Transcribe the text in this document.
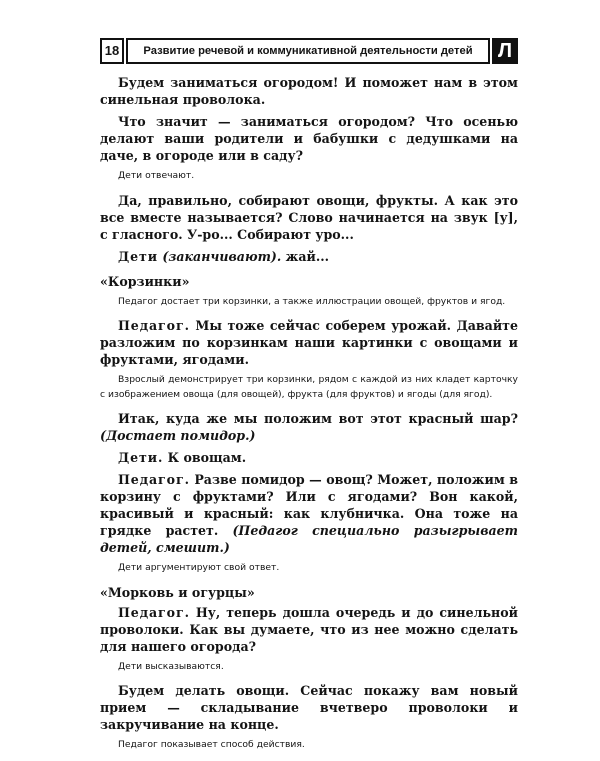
18	Развитие речевой и коммуникативной деятельности детей	Л

Будем заниматься огородом! И поможет нам в этом синельная проволока.

Что значит — заниматься огородом? Что осенью делают ваши родители и бабушки с дедушками на даче, в огороде или в саду?

Дети отвечают.

Да, правильно, собирают овощи, фрукты. А как это все вместе называется? Слово начинается на звук [у], с гласного. У-ро... Собирают уро...

Дети (заканчивают). жай...

«Корзинки»

Педагог достает три корзинки, а также иллюстрации овощей, фруктов и ягод.

Педагог. Мы тоже сейчас соберем урожай. Давайте разложим по корзинкам наши картинки с овощами и фруктами, ягодами.

Взрослый демонстрирует три корзинки, рядом с каждой из них кладет карточку с изображением овоща (для овощей), фрукта (для фруктов) и ягоды (для ягод).

Итак, куда же мы положим вот этот красный шар? (Достает помидор.)

Дети. К овощам.

Педагог. Разве помидор — овощ? Может, положим в корзину с фруктами? Или с ягодами? Вон какой, красивый и красный: как клубничка. Она тоже на грядке растет. (Педагог специально разыгрывает детей, смешит.)

Дети аргументируют свой ответ.

«Морковь и огурцы»

Педагог. Ну, теперь дошла очередь и до синельной проволоки. Как вы думаете, что из нее можно сделать для нашего огорода?

Дети высказываются.

Будем делать овощи. Сейчас покажу вам новый прием — складывание вчетверо проволоки и закручивание на конце.

Педагог показывает способ действия.
